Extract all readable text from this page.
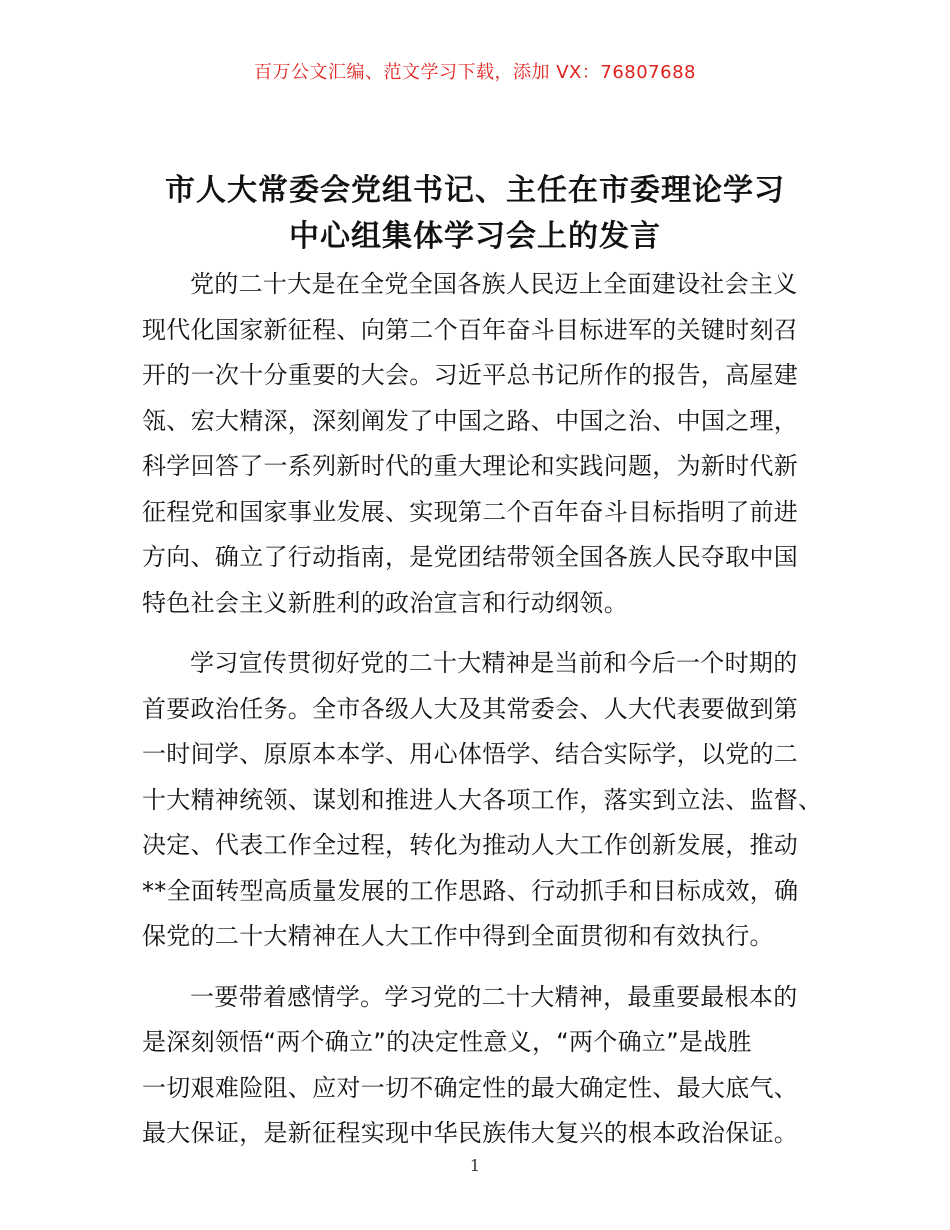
百万公文汇编、范文学习下载，添加 VX：76807688
市人大常委会党组书记、主任在市委理论学习
中心组集体学习会上的发言

党的二十大是在全党全国各族人民迈上全面建设社会主义
现代化国家新征程、向第二个百年奋斗目标进军的关键时刻召
开的一次十分重要的大会。习近平总书记所作的报告，高屋建
瓴、宏大精深，深刻阐发了中国之路、中国之治、中国之理，
科学回答了一系列新时代的重大理论和实践问题，为新时代新
征程党和国家事业发展、实现第二个百年奋斗目标指明了前进
方向、确立了行动指南，是党团结带领全国各族人民夺取中国
特色社会主义新胜利的政治宣言和行动纲领。

学习宣传贯彻好党的二十大精神是当前和今后一个时期的
首要政治任务。全市各级人大及其常委会、人大代表要做到第
一时间学、原原本本学、用心体悟学、结合实际学，以党的二
十大精神统领、谋划和推进人大各项工作，落实到立法、监督、
决定、代表工作全过程，转化为推动人大工作创新发展，推动
**全面转型高质量发展的工作思路、行动抓手和目标成效，确
保党的二十大精神在人大工作中得到全面贯彻和有效执行。

一要带着感情学。学习党的二十大精神，最重要最根本的
是深刻领悟“两个确立”的决定性意义，“两个确立”是战胜
一切艰难险阻、应对一切不确定性的最大确定性、最大底气、
最大保证，是新征程实现中华民族伟大复兴的根本政治保证。

1
